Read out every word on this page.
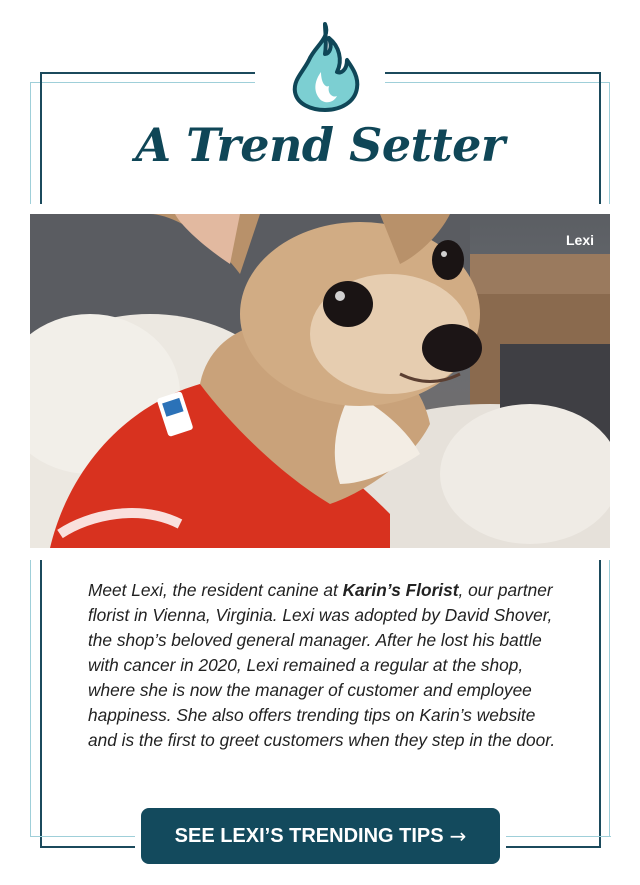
A Trend Setter
Lexi

Meet Lexi, the resident canine at Karin’s Florist, our partner florist in Vienna, Virginia. Lexi was adopted by David Shover, the shop’s beloved general manager. After he lost his battle with cancer in 2020, Lexi remained a regular at the shop, where she is now the manager of customer and employee happiness. She also offers trending tips on Karin’s website and is the first to greet customers when they step in the door.

SEE LEXI’S TRENDING TIPS →
